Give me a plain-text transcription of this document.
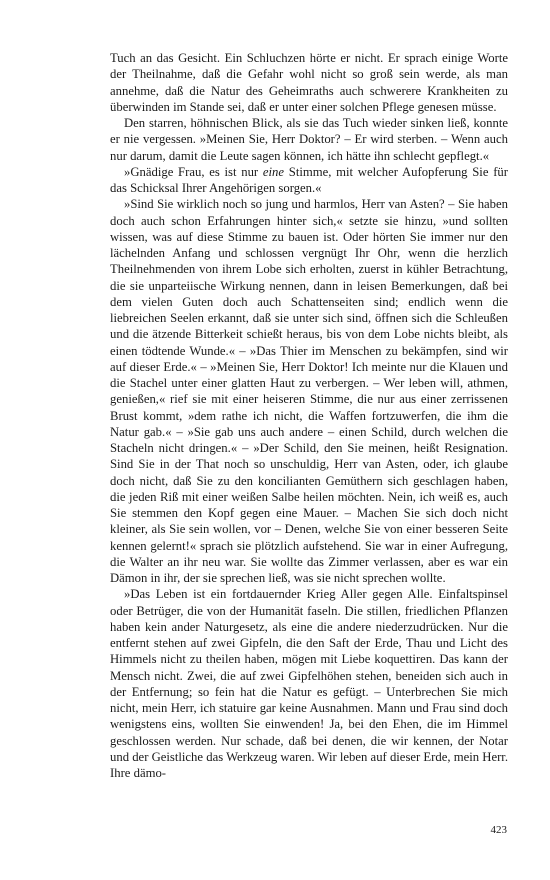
Tuch an das Gesicht. Ein Schluchzen hörte er nicht. Er sprach einige Worte der Theilnahme, daß die Gefahr wohl nicht so groß sein werde, als man annehme, daß die Natur des Geheimraths auch schwerere Krankheiten zu überwinden im Stande sei, daß er unter einer solchen Pflege genesen müsse.

Den starren, höhnischen Blick, als sie das Tuch wieder sinken ließ, konnte er nie vergessen. »Meinen Sie, Herr Doktor? – Er wird sterben. – Wenn auch nur darum, damit die Leute sagen können, ich hätte ihn schlecht gepflegt.«

»Gnädige Frau, es ist nur eine Stimme, mit welcher Aufopferung Sie für das Schicksal Ihrer Angehörigen sorgen.«

»Sind Sie wirklich noch so jung und harmlos, Herr van Asten? – Sie haben doch auch schon Erfahrungen hinter sich,« setzte sie hinzu, »und sollten wissen, was auf diese Stimme zu bauen ist. Oder hörten Sie immer nur den lächelnden Anfang und schlossen vergnügt Ihr Ohr, wenn die herzlich Theilnehmenden von ihrem Lobe sich erholten, zuerst in kühler Betrachtung, die sie unparteiische Wirkung nennen, dann in leisen Bemerkungen, daß bei dem vielen Guten doch auch Schattenseiten sind; endlich wenn die liebreichen Seelen erkannt, daß sie unter sich sind, öffnen sich die Schleußen und die ätzende Bitterkeit schießt heraus, bis von dem Lobe nichts bleibt, als einen tödtende Wunde.« – »Das Thier im Menschen zu bekämpfen, sind wir auf dieser Erde.« – »Meinen Sie, Herr Doktor! Ich meinte nur die Klauen und die Stachel unter einer glatten Haut zu verbergen. – Wer leben will, athmen, genießen,« rief sie mit einer heiseren Stimme, die nur aus einer zerrissenen Brust kommt, »dem rathe ich nicht, die Waffen fortzuwerfen, die ihm die Natur gab.« – »Sie gab uns auch andere – einen Schild, durch welchen die Stacheln nicht dringen.« – »Der Schild, den Sie meinen, heißt Resignation. Sind Sie in der That noch so unschuldig, Herr van Asten, oder, ich glaube doch nicht, daß Sie zu den koncilianten Gemüthern sich geschlagen haben, die jeden Riß mit einer weißen Salbe heilen möchten. Nein, ich weiß es, auch Sie stemmen den Kopf gegen eine Mauer. – Machen Sie sich doch nicht kleiner, als Sie sein wollen, vor – Denen, welche Sie von einer besseren Seite kennen gelernt!« sprach sie plötzlich aufstehend. Sie war in einer Aufregung, die Walter an ihr neu war. Sie wollte das Zimmer verlassen, aber es war ein Dämon in ihr, der sie sprechen ließ, was sie nicht sprechen wollte.

»Das Leben ist ein fortdauernder Krieg Aller gegen Alle. Einfaltspinsel oder Betrüger, die von der Humanität faseln. Die stillen, friedlichen Pflanzen haben kein ander Naturgesetz, als eine die andere niederzudrücken. Nur die entfernt stehen auf zwei Gipfeln, die den Saft der Erde, Thau und Licht des Himmels nicht zu theilen haben, mögen mit Liebe koquettiren. Das kann der Mensch nicht. Zwei, die auf zwei Gipfelhöhen stehen, beneiden sich auch in der Entfernung; so fein hat die Natur es gefügt. – Unterbrechen Sie mich nicht, mein Herr, ich statuire gar keine Ausnahmen. Mann und Frau sind doch wenigstens eins, wollten Sie einwenden! Ja, bei den Ehen, die im Himmel geschlossen werden. Nur schade, daß bei denen, die wir kennen, der Notar und der Geistliche das Werkzeug waren. Wir leben auf dieser Erde, mein Herr. Ihre dämo-

423
